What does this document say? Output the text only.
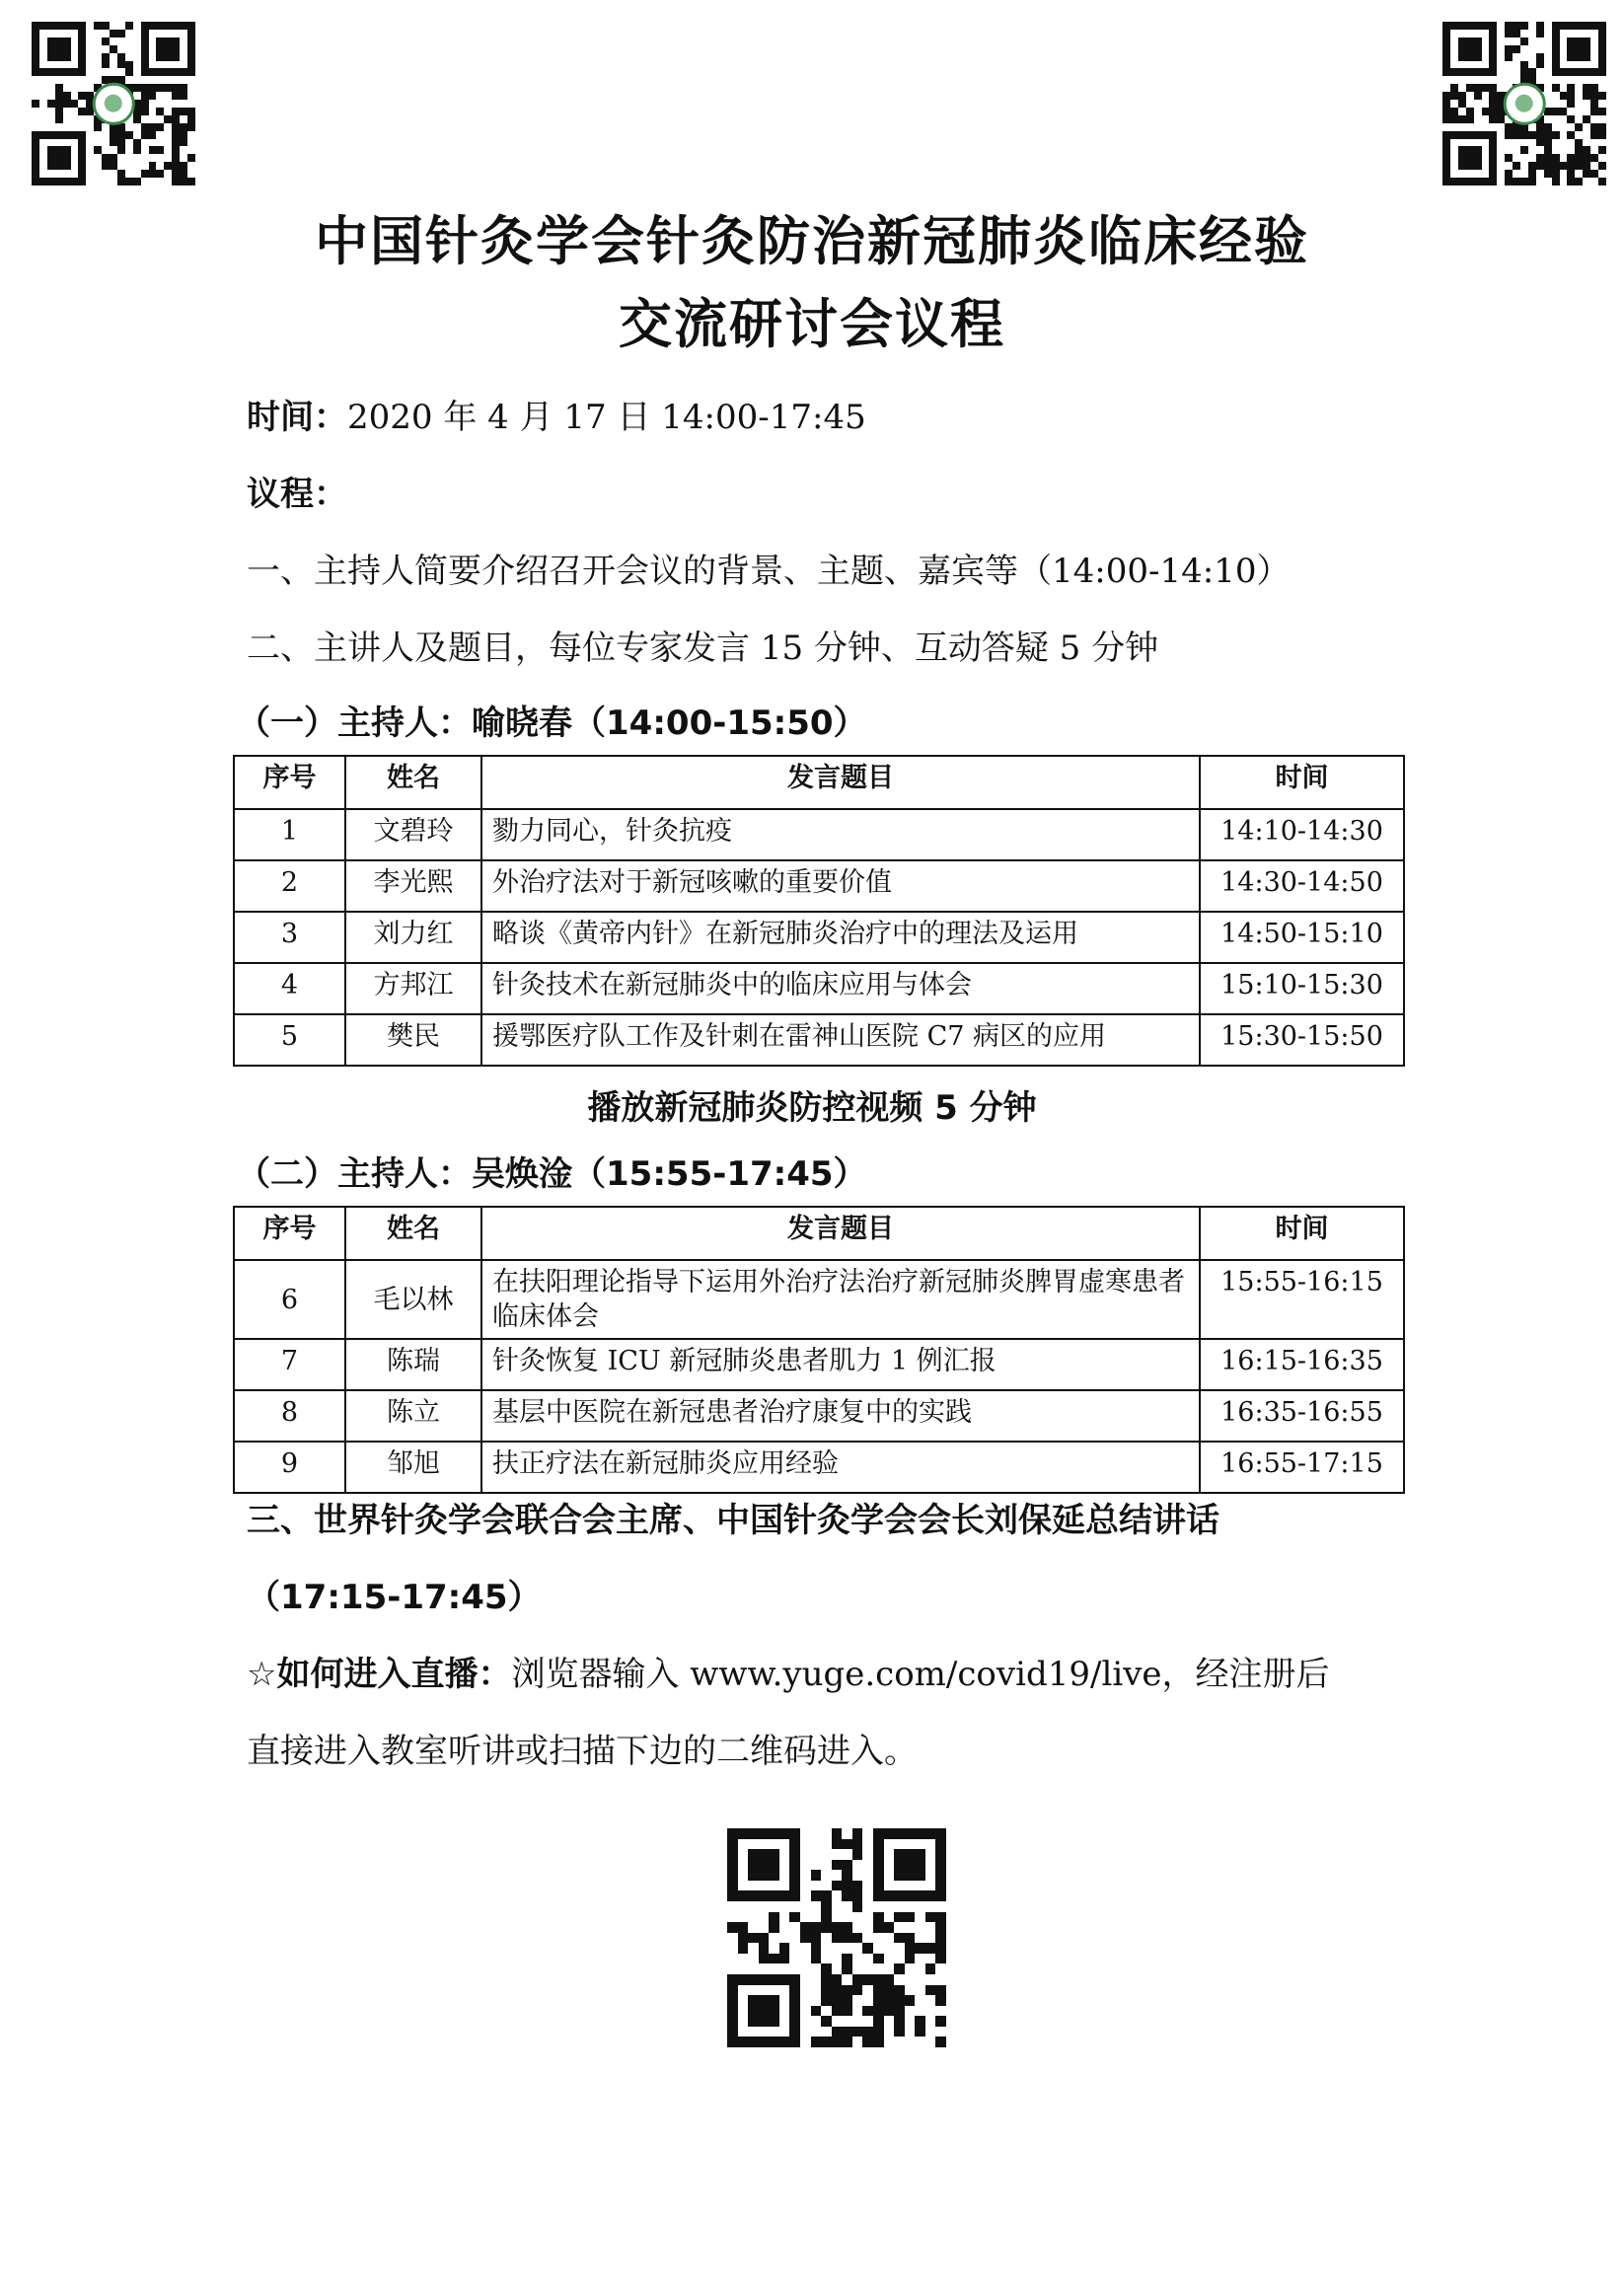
中国针灸学会针灸防治新冠肺炎临床经验
交流研讨会议程
时间：2020 年 4 月 17 日 14:00-17:45
议程：
一、主持人简要介绍召开会议的背景、主题、嘉宾等（14:00-14:10）
二、主讲人及题目，每位专家发言 15 分钟、互动答疑 5 分钟
（一）主持人：喻晓春（14:00-15:50）
序号	姓名	发言题目	时间
1	文碧玲	勠力同心，针灸抗疫	14:10-14:30
2	李光熙	外治疗法对于新冠咳嗽的重要价值	14:30-14:50
3	刘力红	略谈《黄帝内针》在新冠肺炎治疗中的理法及运用	14:50-15:10
4	方邦江	针灸技术在新冠肺炎中的临床应用与体会	15:10-15:30
5	樊民	援鄂医疗队工作及针刺在雷神山医院 C7 病区的应用	15:30-15:50
播放新冠肺炎防控视频 5 分钟
（二）主持人：吴焕淦（15:55-17:45）
序号	姓名	发言题目	时间
6	毛以林	在扶阳理论指导下运用外治疗法治疗新冠肺炎脾胃虚寒患者临床体会	15:55-16:15
7	陈瑞	针灸恢复 ICU 新冠肺炎患者肌力 1 例汇报	16:15-16:35
8	陈立	基层中医院在新冠患者治疗康复中的实践	16:35-16:55
9	邹旭	扶正疗法在新冠肺炎应用经验	16:55-17:15
三、世界针灸学会联合会主席、中国针灸学会会长刘保延总结讲话
（17:15-17:45）
☆如何进入直播：浏览器输入 www.yuge.com/covid19/live，经注册后
直接进入教室听讲或扫描下边的二维码进入。
